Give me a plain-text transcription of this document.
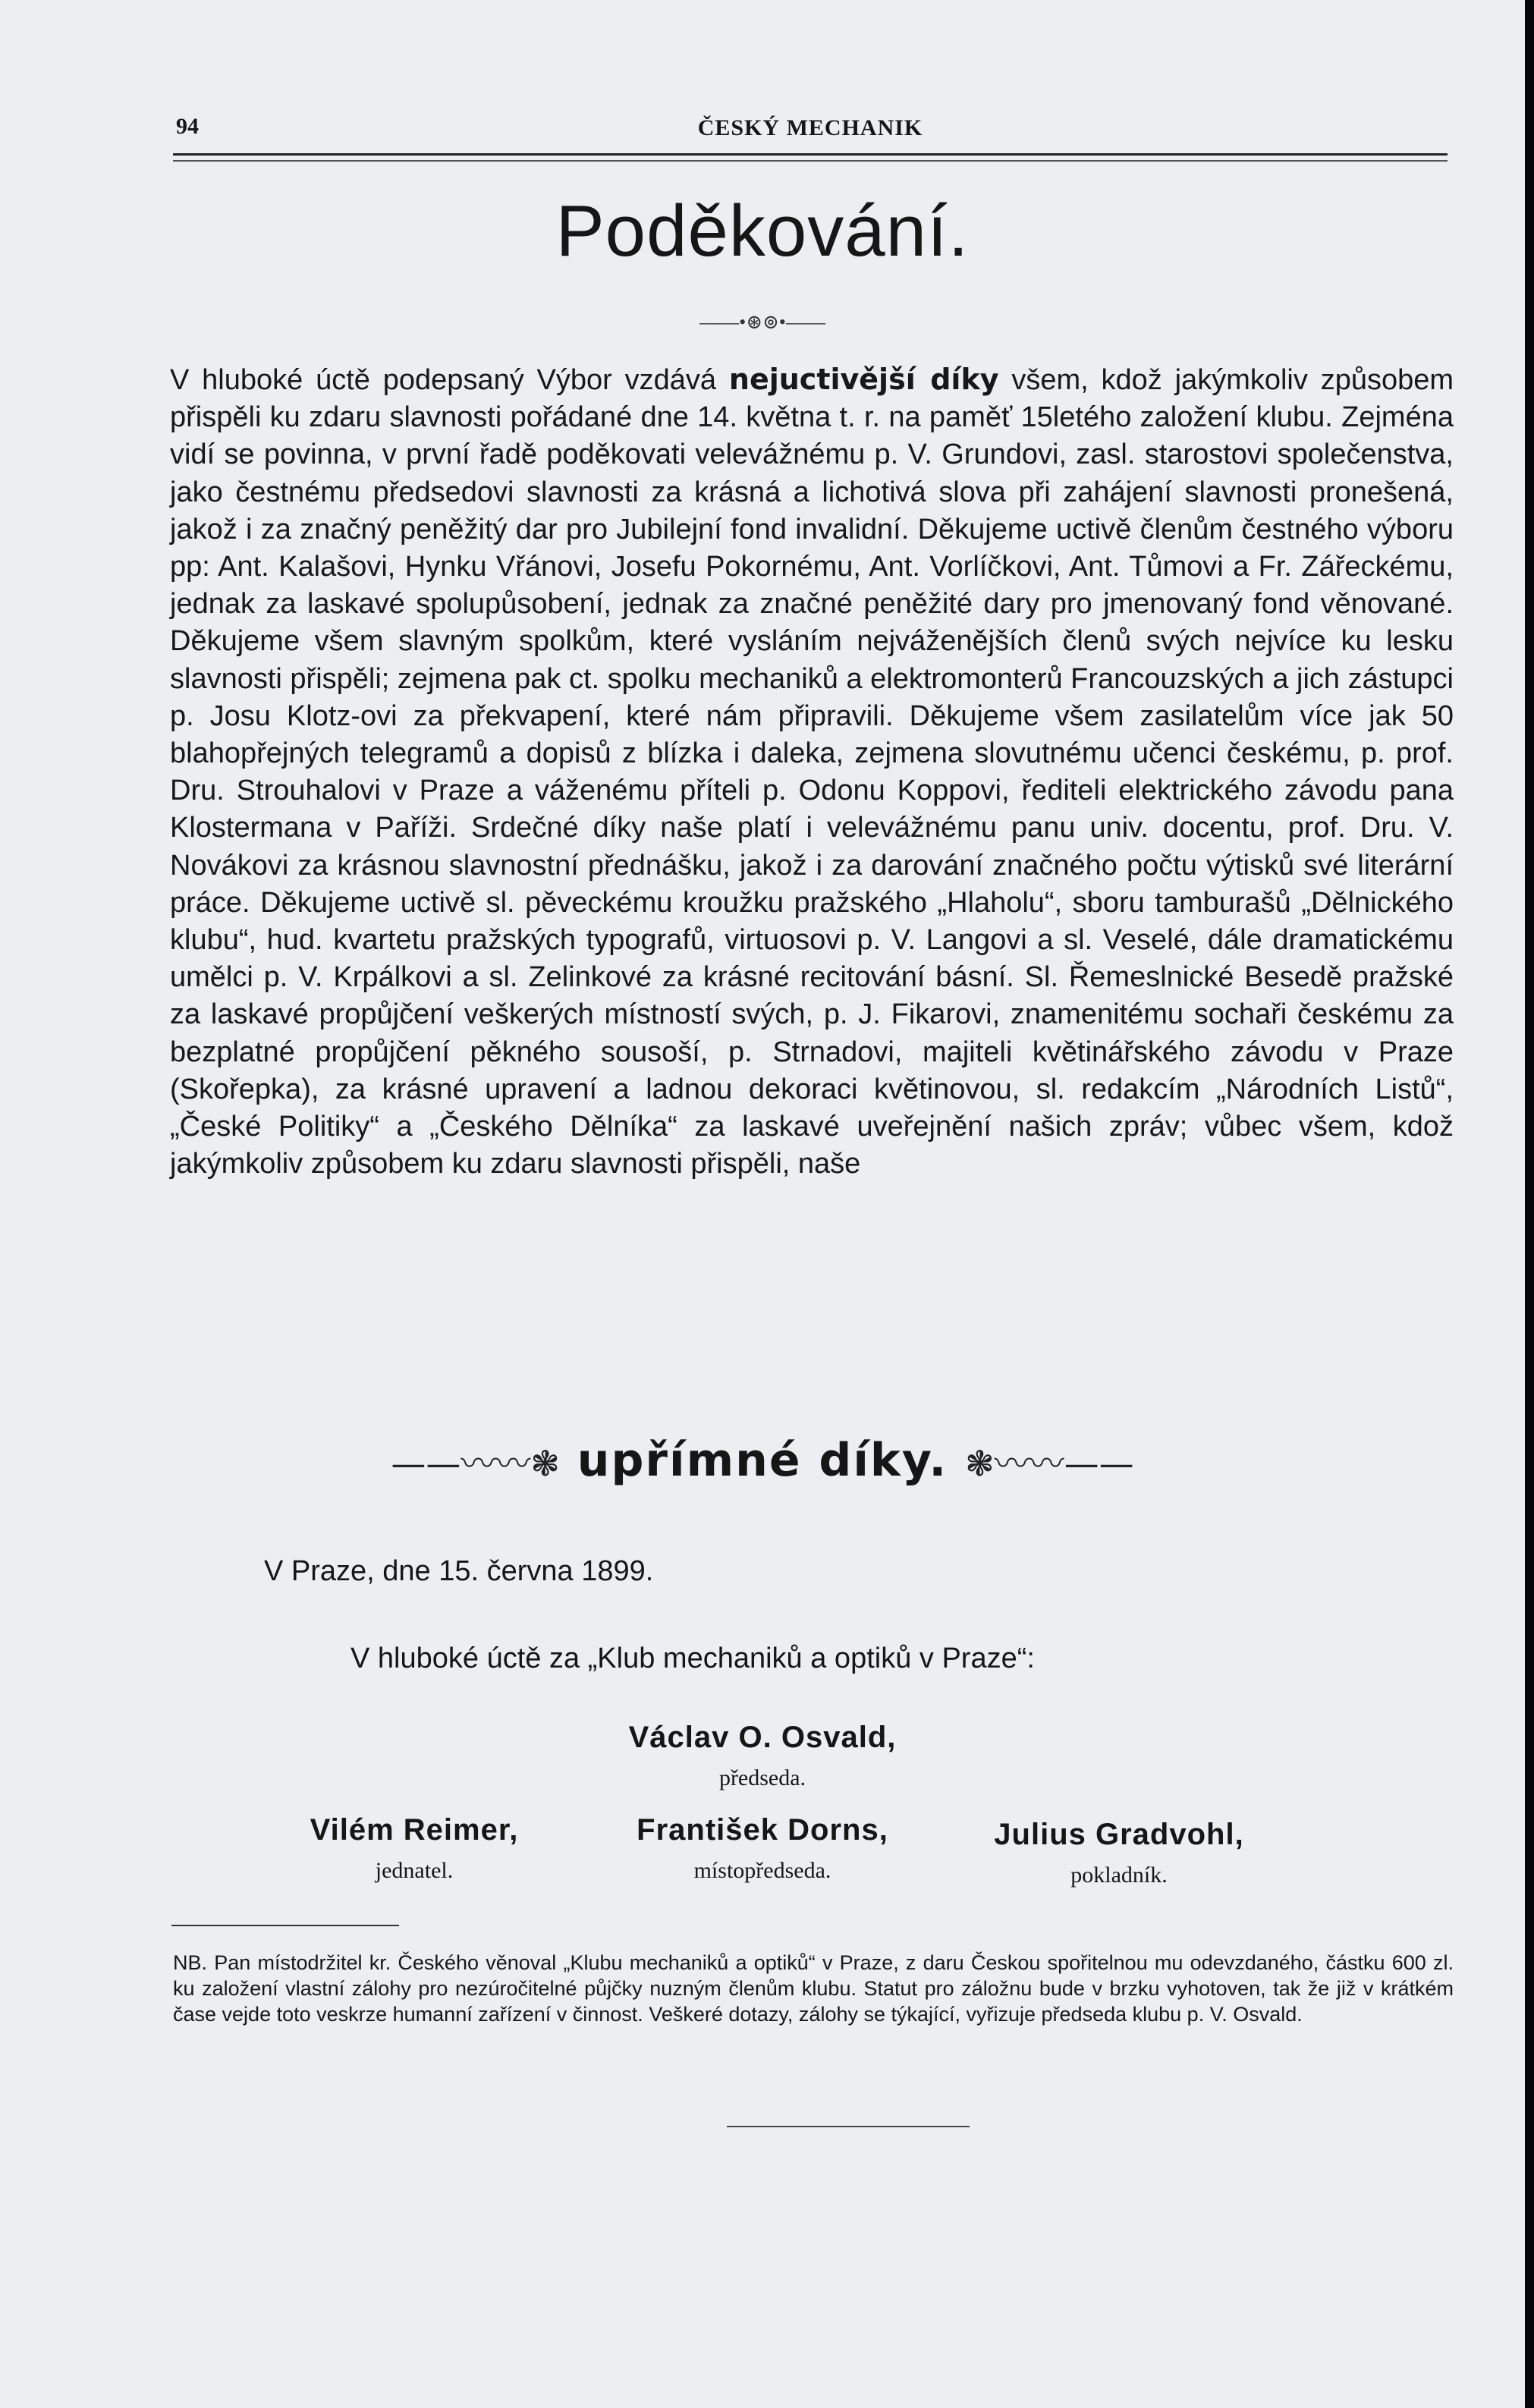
94	ČESKÝ MECHANIK
Poděkování.
——•⊛⊚•——
V hluboké úctě podepsaný Výbor vzdává nejuctivější díky všem, kdož jakýmkoliv způsobem přispěli ku zdaru slavnosti pořádané dne 14. května t. r. na paměť 15letého založení klubu. Zejména vidí se povinna, v první řadě poděkovati velevážnému p. V. Grundovi, zasl. starostovi společenstva, jako čestnému předsedovi slavnosti za krásná a lichotivá slova při zahájení slavnosti pronešená, jakož i za značný peněžitý dar pro Jubilejní fond invalidní. Děkujeme uctivě členům čestného výboru pp: Ant. Kalašovi, Hynku Vřánovi, Josefu Pokornému, Ant. Vorlíčkovi, Ant. Tůmovi a Fr. Zářeckému, jednak za laskavé spolupůsobení, jednak za značné peněžité dary pro jmenovaný fond věnované. Děkujeme všem slavným spolkům, které vysláním nejváženějších členů svých nejvíce ku lesku slavnosti přispěli; zejmena pak ct. spolku mechaniků a elektromonterů Francouzských a jich zástupci p. Josu Klotz-ovi za překvapení, které nám připravili. Děkujeme všem zasilatelům více jak 50 blahopřejných telegramů a dopisů z blízka i daleka, zejmena slovutnému učenci českému, p. prof. Dru. Strouhalovi v Praze a váženému příteli p. Odonu Koppovi, řediteli elektrického závodu pana Klostermana v Paříži. Srdečné díky naše platí i velevážnému panu univ. docentu, prof. Dru. V. Novákovi za krásnou slavnostní přednášku, jakož i za darování značného počtu výtisků své literární práce. Děkujeme uctivě sl. pěveckému kroužku pražského „Hlaholu“, sboru tamburašů „Dělnického klubu“, hud. kvartetu pražských typografů, virtuosovi p. V. Langovi a sl. Veselé, dále dramatickému umělci p. V. Krpálkovi a sl. Zelinkové za krásné recitování básní. Sl. Řemeslnické Besedě pražské za laskavé propůjčení veškerých místností svých, p. J. Fikarovi, znamenitému sochaři českému za bezplatné propůjčení pěkného sousoší, p. Strnadovi, majiteli květinářského závodu v Praze (Skořepka), za krásné upravení a ladnou dekoraci květinovou, sl. redakcím „Národních Listů“, „České Politiky“ a „Českého Dělníka“ za laskavé uveřejnění našich zpráv; vůbec všem, kdož jakýmkoliv způsobem ku zdaru slavnosti přispěli, naše
——〰〰❃ upřímné díky. ❃〰〰——
V Praze, dne 15. června 1899.
V hluboké úctě za „Klub mechaniků a optiků v Praze“:
Václav O. Osvald,
předseda.
Vilém Reimer,
jednatel.
František Dorns,
místopředseda.
Julius Gradvohl,
pokladník.
NB. Pan místodržitel kr. Českého věnoval „Klubu mechaniků a optiků“ v Praze, z daru Českou spořitelnou mu odevzdaného, částku 600 zl. ku založení vlastní zálohy pro nezúročitelné půjčky nuzným členům klubu. Statut pro záložnu bude v brzku vyhotoven, tak že již v krátkém čase vejde toto veskrze humanní zařízení v činnost. Veškeré dotazy, zálohy se týkající, vyřizuje předseda klubu p. V. Osvald.
